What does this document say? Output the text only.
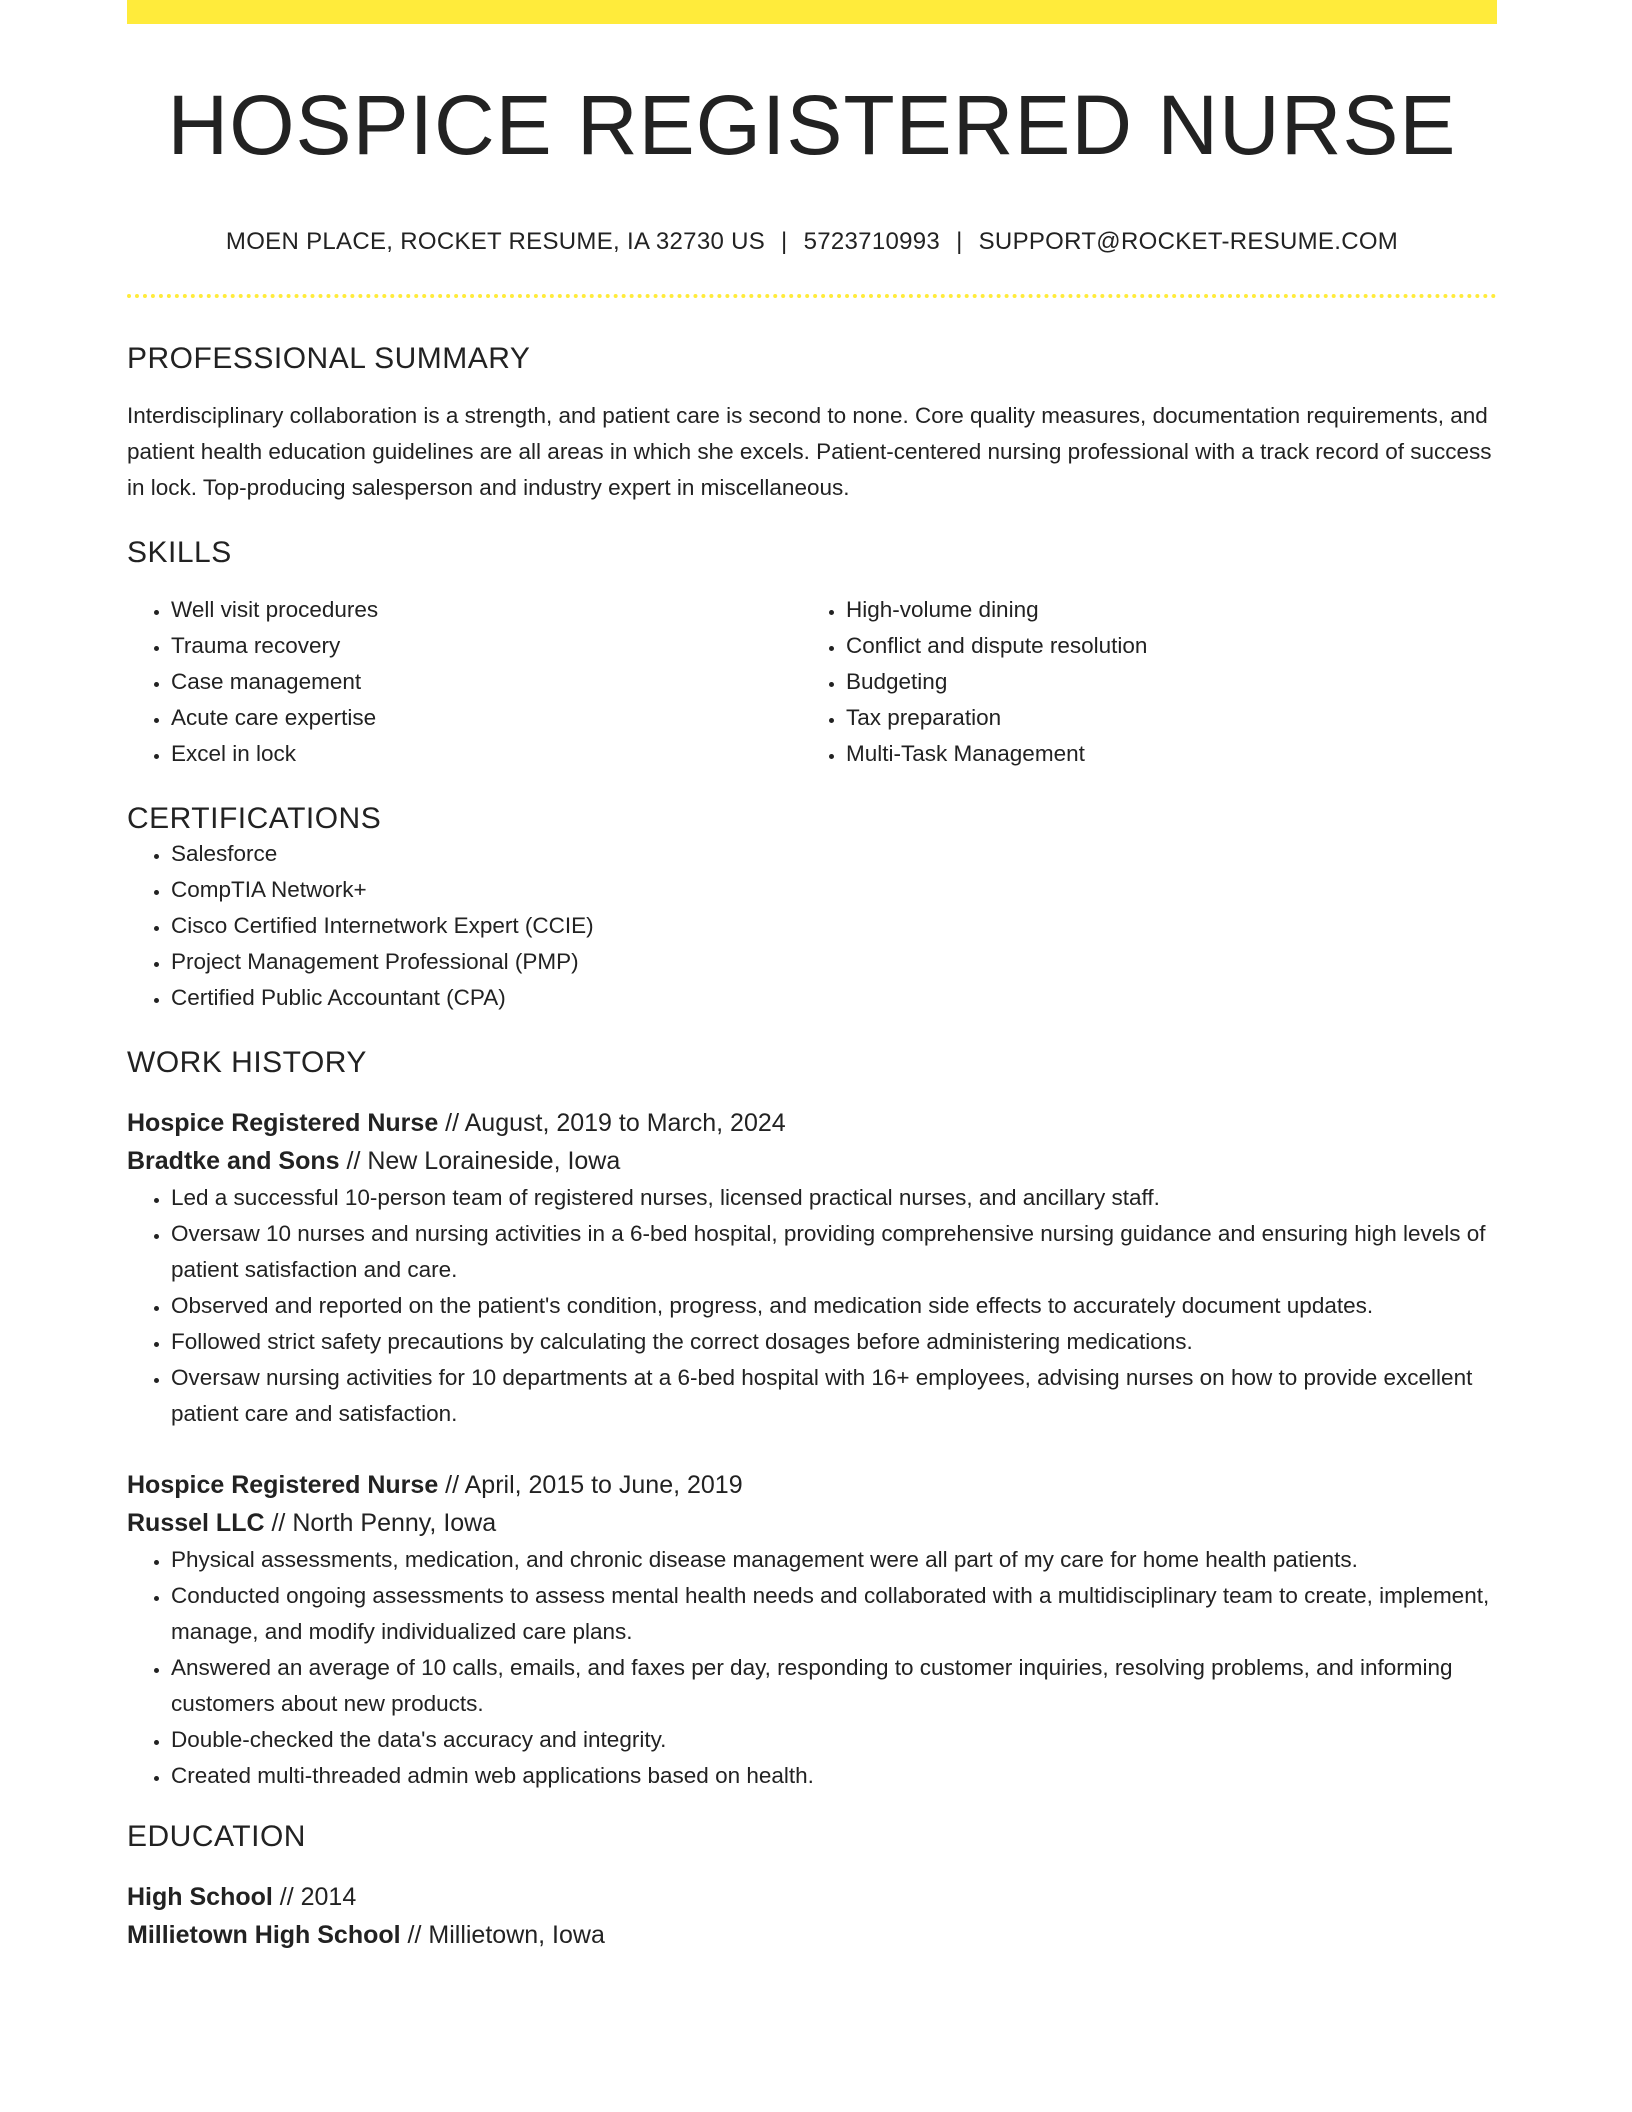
HOSPICE REGISTERED NURSE
MOEN PLACE, ROCKET RESUME, IA 32730 US | 5723710993 | SUPPORT@ROCKET-RESUME.COM
PROFESSIONAL SUMMARY

Interdisciplinary collaboration is a strength, and patient care is second to none. Core quality measures, documentation requirements, and patient health education guidelines are all areas in which she excels. Patient-centered nursing professional with a track record of success in lock. Top-producing salesperson and industry expert in miscellaneous.

SKILLS
• Well visit procedures
• Trauma recovery
• Case management
• Acute care expertise
• Excel in lock
• High-volume dining
• Conflict and dispute resolution
• Budgeting
• Tax preparation
• Multi-Task Management
CERTIFICATIONS
• Salesforce
• CompTIA Network+
• Cisco Certified Internetwork Expert (CCIE)
• Project Management Professional (PMP)
• Certified Public Accountant (CPA)
WORK HISTORY
Hospice Registered Nurse // August, 2019 to March, 2024
Bradtke and Sons // New Loraineside, Iowa
• Led a successful 10-person team of registered nurses, licensed practical nurses, and ancillary staff.
• Oversaw 10 nurses and nursing activities in a 6-bed hospital, providing comprehensive nursing guidance and ensuring high levels of patient satisfaction and care.
• Observed and reported on the patient's condition, progress, and medication side effects to accurately document updates.
• Followed strict safety precautions by calculating the correct dosages before administering medications.
• Oversaw nursing activities for 10 departments at a 6-bed hospital with 16+ employees, advising nurses on how to provide excellent patient care and satisfaction.
Hospice Registered Nurse // April, 2015 to June, 2019
Russel LLC // North Penny, Iowa
• Physical assessments, medication, and chronic disease management were all part of my care for home health patients.
• Conducted ongoing assessments to assess mental health needs and collaborated with a multidisciplinary team to create, implement, manage, and modify individualized care plans.
• Answered an average of 10 calls, emails, and faxes per day, responding to customer inquiries, resolving problems, and informing customers about new products.
• Double-checked the data's accuracy and integrity.
• Created multi-threaded admin web applications based on health.
EDUCATION
High School // 2014
Millietown High School // Millietown, Iowa
